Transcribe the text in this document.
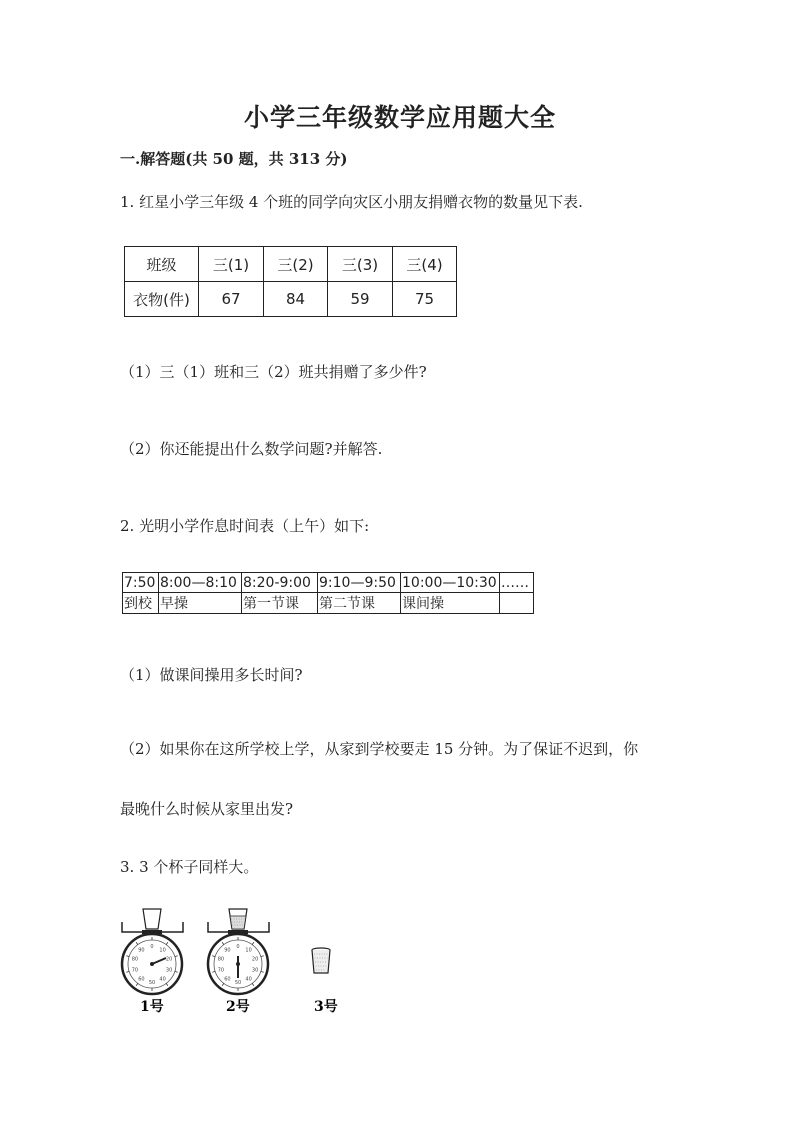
小学三年级数学应用题大全
一.解答题(共 50 题，共 313 分)
1. 红星小学三年级 4 个班的同学向灾区小朋友捐赠衣物的数量见下表.
班级	三(1)	三(2)	三(3)	三(4)
衣物(件)	67	84	59	75
（1）三（1）班和三（2）班共捐赠了多少件?
（2）你还能提出什么数学问题?并解答.
2. 光明小学作息时间表（上午）如下:
7:50	8:00—8:10	8:20-9:00	9:10—9:50	10:00—10:30	……
到校	早操	第一节课	第二节课	课间操	
（1）做课间操用多长时间?
（2）如果你在这所学校上学，从家到学校要走 15 分钟。为了保证不迟到，你
最晚什么时候从家里出发?
3. 3 个杯子同样大。
0
10
20
30
40
50
60
70
80
90
1号
0
10
20
30
40
50
60
70
80
90
2号	3号
